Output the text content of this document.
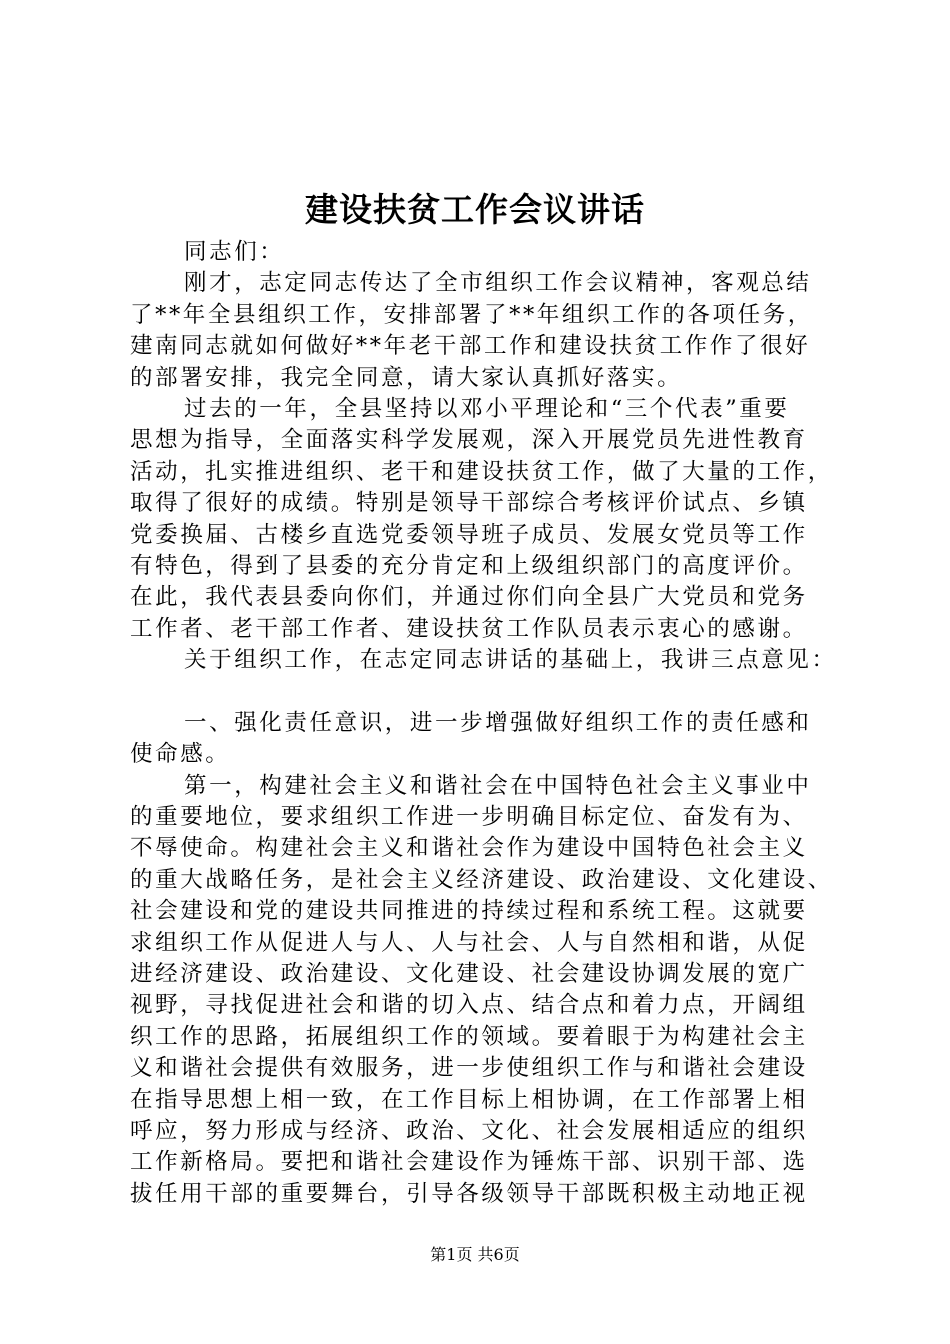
建设扶贫工作会议讲话
同志们：
刚才，志定同志传达了全市组织工作会议精神，客观总结
了**年全县组织工作，安排部署了**年组织工作的各项任务，
建南同志就如何做好**年老干部工作和建设扶贫工作作了很好
的部署安排，我完全同意，请大家认真抓好落实。
过去的一年，全县坚持以邓小平理论和“三个代表”重要
思想为指导，全面落实科学发展观，深入开展党员先进性教育
活动，扎实推进组织、老干和建设扶贫工作，做了大量的工作，
取得了很好的成绩。特别是领导干部综合考核评价试点、乡镇
党委换届、古楼乡直选党委领导班子成员、发展女党员等工作
有特色，得到了县委的充分肯定和上级组织部门的高度评价。
在此，我代表县委向你们，并通过你们向全县广大党员和党务
工作者、老干部工作者、建设扶贫工作队员表示衷心的感谢。
关于组织工作，在志定同志讲话的基础上，我讲三点意见：
一、强化责任意识，进一步增强做好组织工作的责任感和
使命感。
第一，构建社会主义和谐社会在中国特色社会主义事业中
的重要地位，要求组织工作进一步明确目标定位、奋发有为、
不辱使命。构建社会主义和谐社会作为建设中国特色社会主义
的重大战略任务，是社会主义经济建设、政治建设、文化建设、
社会建设和党的建设共同推进的持续过程和系统工程。这就要
求组织工作从促进人与人、人与社会、人与自然相和谐，从促
进经济建设、政治建设、文化建设、社会建设协调发展的宽广
视野，寻找促进社会和谐的切入点、结合点和着力点，开阔组
织工作的思路，拓展组织工作的领域。要着眼于为构建社会主
义和谐社会提供有效服务，进一步使组织工作与和谐社会建设
在指导思想上相一致，在工作目标上相协调，在工作部署上相
呼应，努力形成与经济、政治、文化、社会发展相适应的组织
工作新格局。要把和谐社会建设作为锤炼干部、识别干部、选
拔任用干部的重要舞台，引导各级领导干部既积极主动地正视
第1页 共6页
